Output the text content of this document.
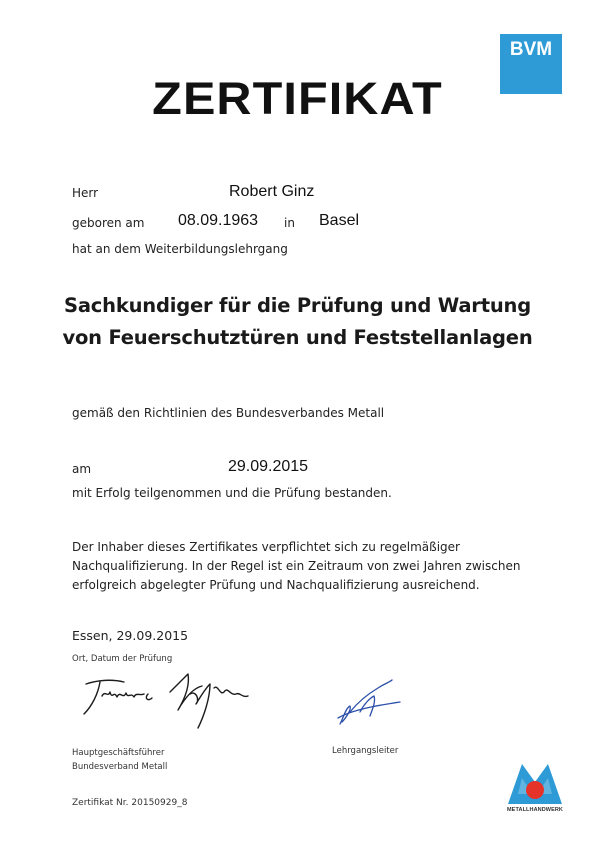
BVM
ZERTIFIKAT
Herr	Robert Ginz
geboren am 08.09.1963 in Basel
hat an dem Weiterbildungslehrgang
Sachkundiger für die Prüfung und Wartung
von Feuerschutztüren und Feststellanlagen
gemäß den Richtlinien des Bundesverbandes Metall
am	29.09.2015
mit Erfolg teilgenommen und die Prüfung bestanden.
Der Inhaber dieses Zertifikates verpflichtet sich zu regelmäßiger
Nachqualifizierung. In der Regel ist ein Zeitraum von zwei Jahren zwischen
erfolgreich abgelegter Prüfung und Nachqualifizierung ausreichend.
Essen, 29.09.2015
Ort, Datum der Prüfung
Hauptgeschäftsführer
Bundesverband Metall
Lehrgangsleiter
Zertifikat Nr. 20150929_8
METALLHANDWERK
